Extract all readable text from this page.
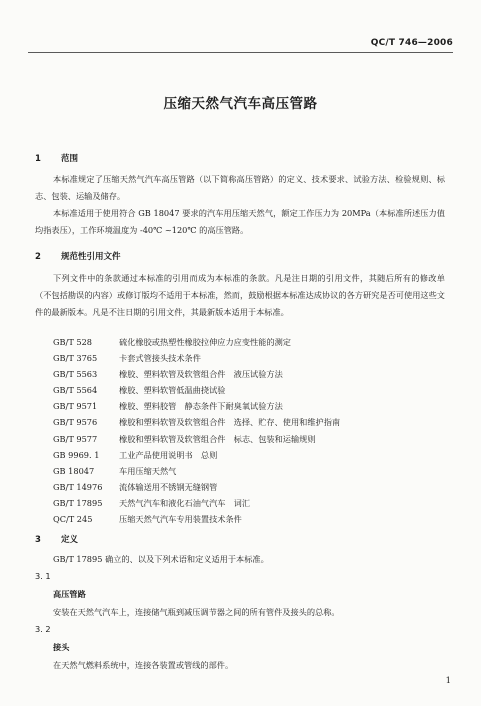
QC/T 746—2006
压缩天然气汽车高压管路
1 范围
本标准规定了压缩天然气汽车高压管路（以下简称高压管路）的定义、技术要求、试验方法、检验规则、标志、包装、运输及储存。
本标准适用于使用符合 GB 18047 要求的汽车用压缩天然气，额定工作压力为 20MPa（本标准所述压力值均指表压），工作环境温度为 -40℃ ~120℃ 的高压管路。
2 规范性引用文件
下列文件中的条款通过本标准的引用而成为本标准的条款。凡是注日期的引用文件，其随后所有的修改单（不包括勘误的内容）或修订版均不适用于本标准，然而，鼓励根据本标准达成协议的各方研究是否可使用这些文件的最新版本。凡是不注日期的引用文件，其最新版本适用于本标准。
GB/T 528	硫化橡胶或热塑性橡胶拉伸应力应变性能的测定
GB/T 3765	卡套式管接头技术条件
GB/T 5563	橡胶、塑料软管及软管组合件　液压试验方法
GB/T 5564	橡胶、塑料软管低温曲挠试验
GB/T 9571	橡胶、塑料胶管　静态条件下耐臭氧试验方法
GB/T 9576	橡胶和塑料软管及软管组合件　选择、贮存、使用和维护指南
GB/T 9577	橡胶和塑料软管及软管组合件　标志、包装和运输规则
GB 9969. 1 工业产品使用说明书　总则
GB 18047	车用压缩天然气
GB/T 14976 流体输送用不锈钢无缝钢管
GB/T 17895 天然气汽车和液化石油气汽车　词汇
QC/T 245	压缩天然气汽车专用装置技术条件
3 定义
GB/T 17895 确立的、以及下列术语和定义适用于本标准。
3. 1
高压管路
安装在天然气汽车上，连接储气瓶到减压调节器之间的所有管件及接头的总称。
3. 2
接头
在天然气燃料系统中，连接各装置或管线的部件。
1
